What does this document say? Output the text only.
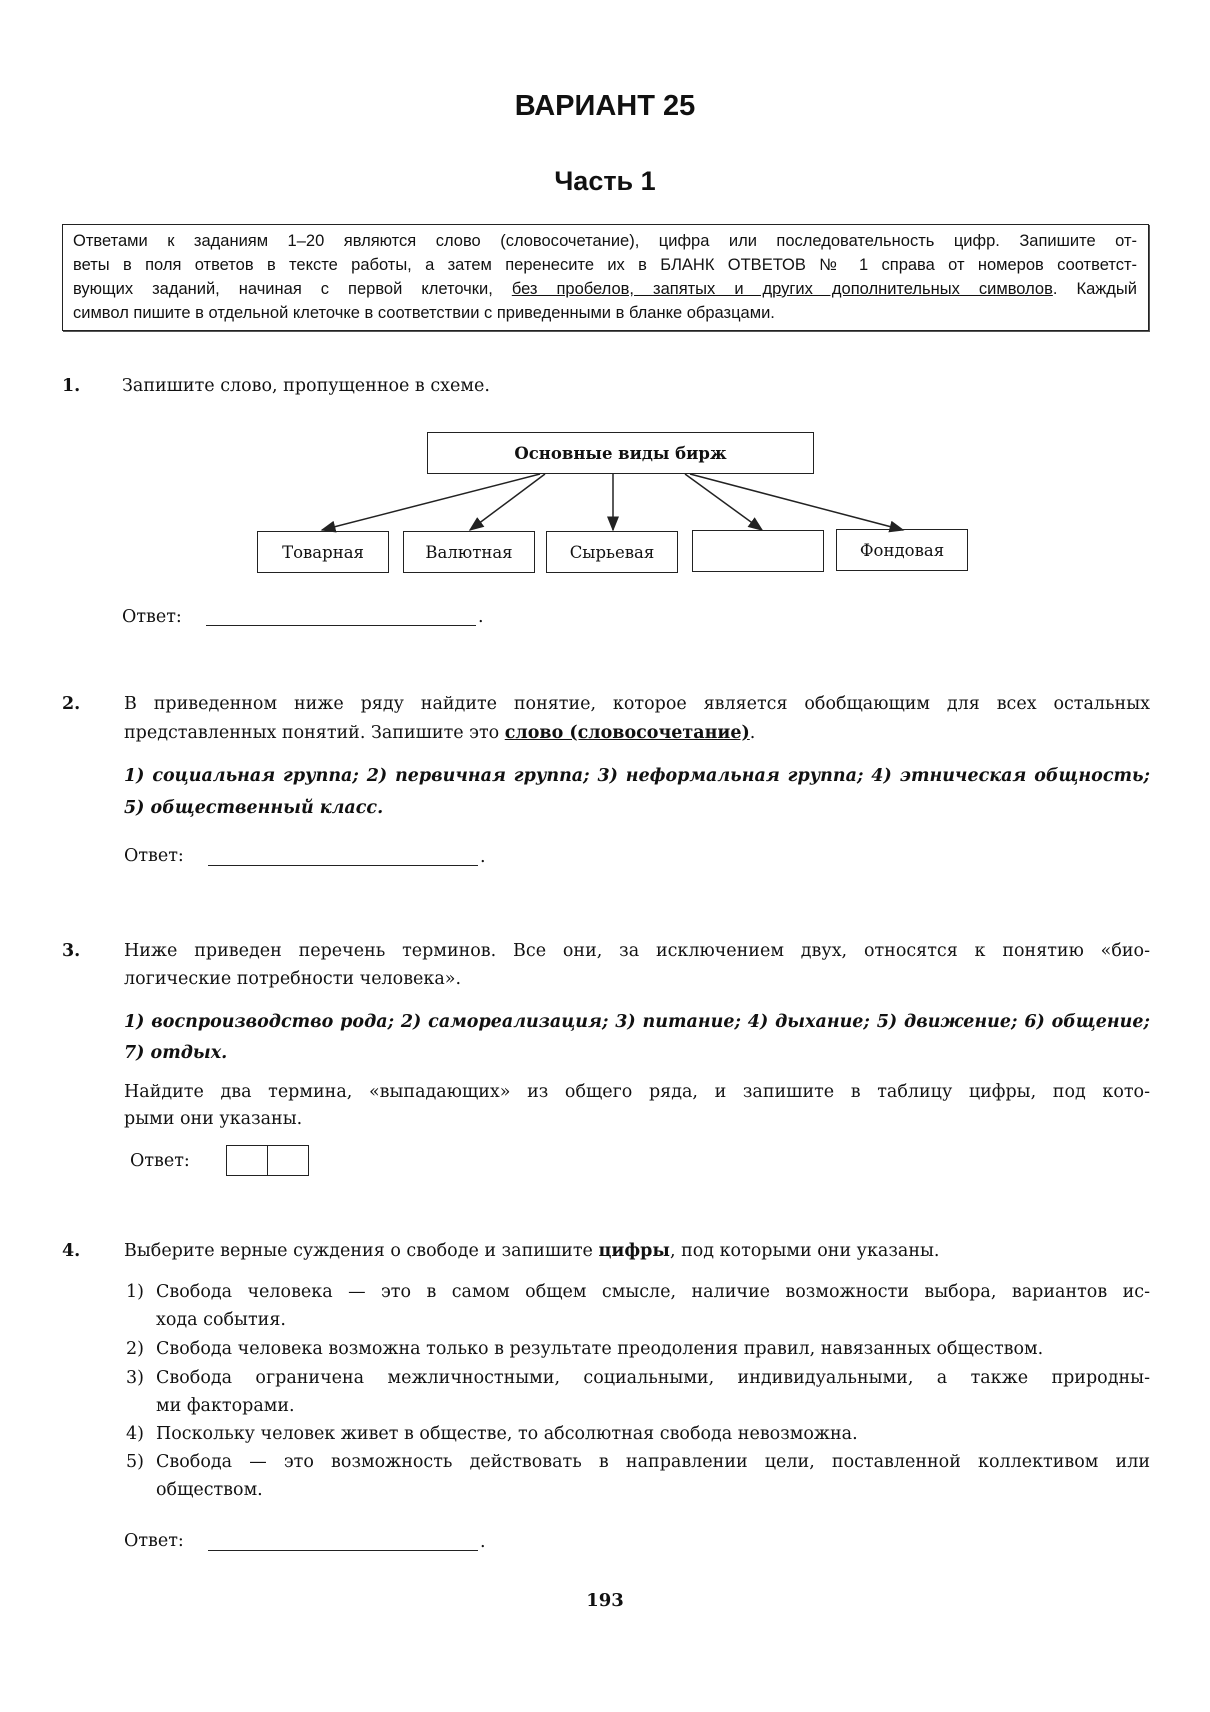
ВАРИАНТ 25
Часть 1
Ответами к заданиям 1–20 являются слово (словосочетание), цифра или последовательность цифр. Запишите от-
веты в поля ответов в тексте работы, а затем перенесите их в БЛАНК ОТВЕТОВ № 1 справа от номеров соответст-
вующих заданий, начиная с первой клеточки, без пробелов, запятых и других дополнительных символов. Каждый
символ пишите в отдельной клеточке в соответствии с приведенными в бланке образцами.
1. Запишите слово, пропущенное в схеме.
Основные виды бирж
Товарная	Валютная	Сырьевая	Фондовая
Ответ:	.
2. В приведенном ниже ряду найдите понятие, которое является обобщающим для всех остальных
представленных понятий. Запишите это слово (словосочетание).
1) социальная группа; 2) первичная группа; 3) неформальная группа; 4) этническая общность;
5) общественный класс.
Ответ:	.
3. Ниже приведен перечень терминов. Все они, за исключением двух, относятся к понятию «био-
логические потребности человека».
1) воспроизводство рода; 2) самореализация; 3) питание; 4) дыхание; 5) движение; 6) общение;
7) отдых.
Найдите два термина, «выпадающих» из общего ряда, и запишите в таблицу цифры, под кото-
рыми они указаны.
Ответ:
4. Выберите верные суждения о свободе и запишите цифры, под которыми они указаны.
1) Свобода человека — это в самом общем смысле, наличие возможности выбора, вариантов ис-
хода события.
2) Свобода человека возможна только в результате преодоления правил, навязанных обществом.
3) Свобода ограничена межличностными, социальными, индивидуальными, а также природны-
ми факторами.
4) Поскольку человек живет в обществе, то абсолютная свобода невозможна.
5) Свобода — это возможность действовать в направлении цели, поставленной коллективом или
обществом.
Ответ:	.
193
